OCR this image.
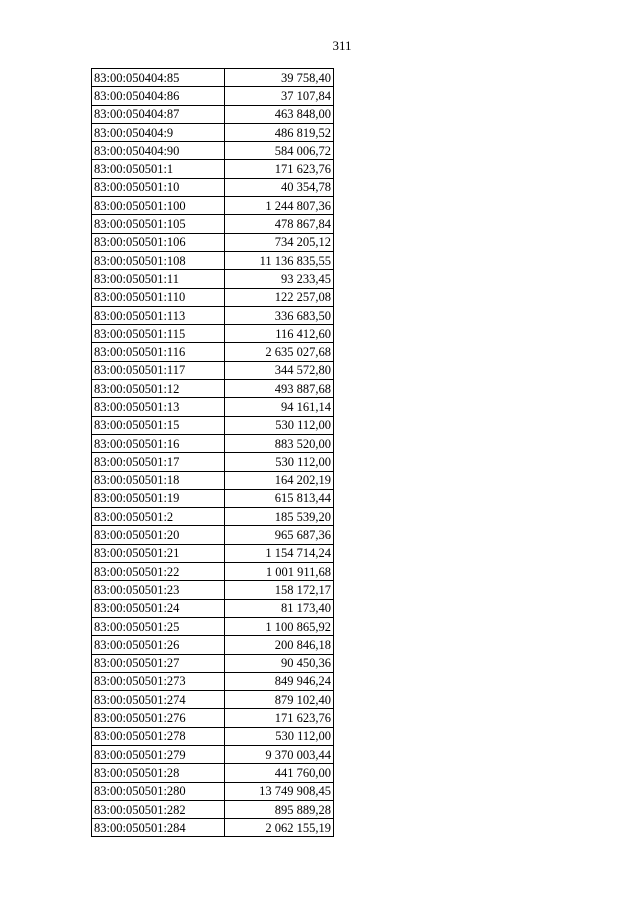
311
83:00:050404:85	39 758,40
83:00:050404:86	37 107,84
83:00:050404:87	463 848,00
83:00:050404:9	486 819,52
83:00:050404:90	584 006,72
83:00:050501:1	171 623,76
83:00:050501:10	40 354,78
83:00:050501:100	1 244 807,36
83:00:050501:105	478 867,84
83:00:050501:106	734 205,12
83:00:050501:108	11 136 835,55
83:00:050501:11	93 233,45
83:00:050501:110	122 257,08
83:00:050501:113	336 683,50
83:00:050501:115	116 412,60
83:00:050501:116	2 635 027,68
83:00:050501:117	344 572,80
83:00:050501:12	493 887,68
83:00:050501:13	94 161,14
83:00:050501:15	530 112,00
83:00:050501:16	883 520,00
83:00:050501:17	530 112,00
83:00:050501:18	164 202,19
83:00:050501:19	615 813,44
83:00:050501:2	185 539,20
83:00:050501:20	965 687,36
83:00:050501:21	1 154 714,24
83:00:050501:22	1 001 911,68
83:00:050501:23	158 172,17
83:00:050501:24	81 173,40
83:00:050501:25	1 100 865,92
83:00:050501:26	200 846,18
83:00:050501:27	90 450,36
83:00:050501:273	849 946,24
83:00:050501:274	879 102,40
83:00:050501:276	171 623,76
83:00:050501:278	530 112,00
83:00:050501:279	9 370 003,44
83:00:050501:28	441 760,00
83:00:050501:280	13 749 908,45
83:00:050501:282	895 889,28
83:00:050501:284	2 062 155,19
